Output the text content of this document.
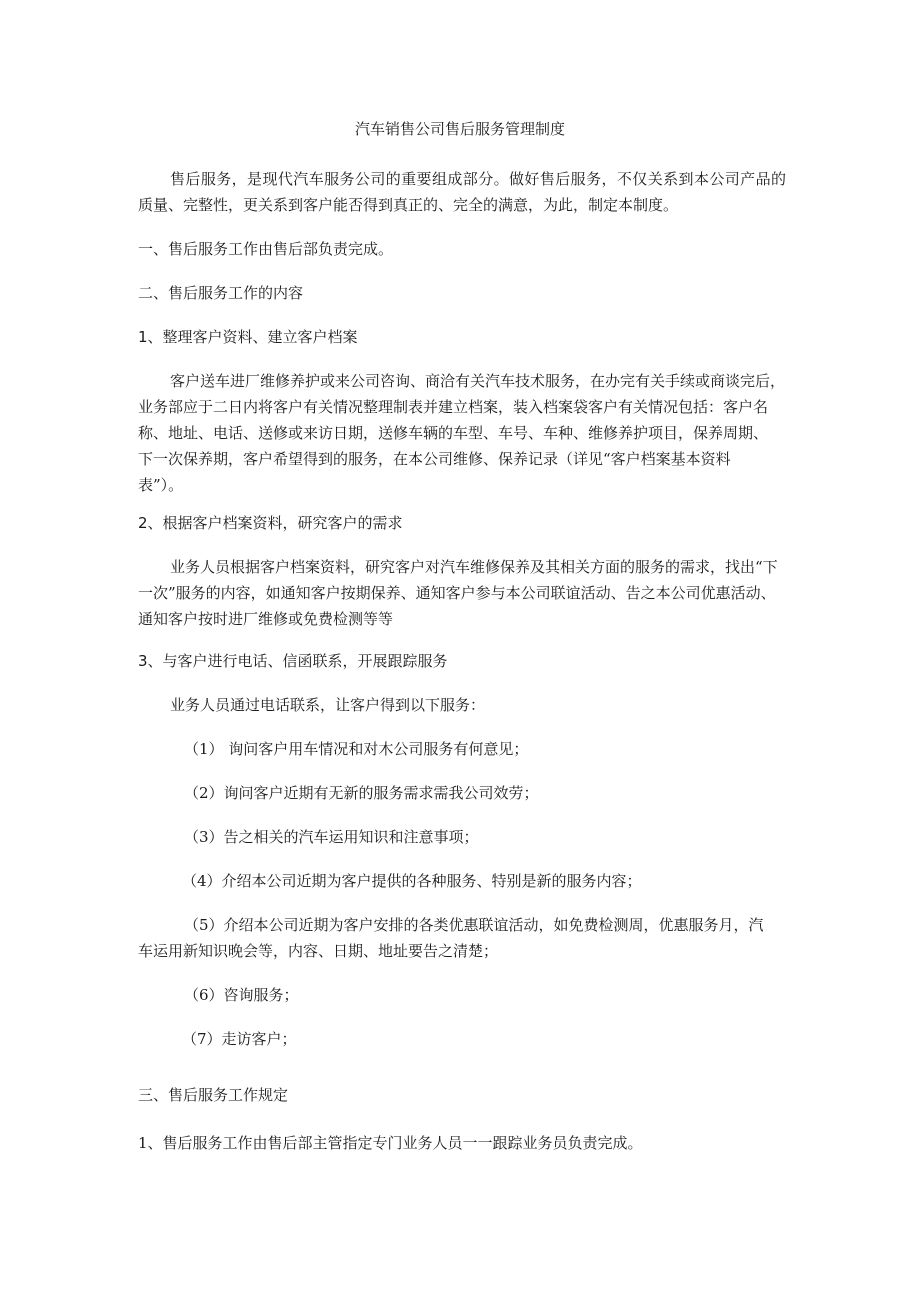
汽车销售公司售后服务管理制度

售后服务，是现代汽车服务公司的重要组成部分。做好售后服务，不仅关系到本公司产品的
质量、完整性，更关系到客户能否得到真正的、完全的满意，为此，制定本制度。

一、售后服务工作由售后部负责完成。

二、售后服务工作的内容

1、整理客户资料、建立客户档案

客户送车进厂维修养护或来公司咨询、商洽有关汽车技术服务，在办完有关手续或商谈完后，
业务部应于二日内将客户有关情况整理制表并建立档案，装入档案袋客户有关情况包括：客户名
称、地址、电话、送修或来访日期，送修车辆的车型、车号、车种、维修养护项目，保养周期、
下一次保养期，客户希望得到的服务，在本公司维修、保养记录（详见“客户档案基本资料
表”）。

2、根据客户档案资料，研究客户的需求

业务人员根据客户档案资料，研究客户对汽车维修保养及其相关方面的服务的需求，找出“下
一次”服务的内容，如通知客户按期保养、通知客户参与本公司联谊活动、告之本公司优惠活动、
通知客户按时进厂维修或免费检测等等

3、与客户进行电话、信函联系，开展跟踪服务

业务人员通过电话联系，让客户得到以下服务：

（1） 询问客户用车情况和对木公司服务有何意见；

（2）询问客户近期有无新的服务需求需我公司效劳；

（3）告之相关的汽车运用知识和注意事项；

（4）介绍本公司近期为客户提供的各种服务、特别是新的服务内容；

（5）介绍本公司近期为客户安排的各类优惠联谊活动，如免费检测周，优惠服务月，汽

车运用新知识晚会等，内容、日期、地址要告之清楚；

（6）咨询服务；

（7）走访客户；

三、售后服务工作规定

1、售后服务工作由售后部主管指定专门业务人员一一跟踪业务员负责完成。
